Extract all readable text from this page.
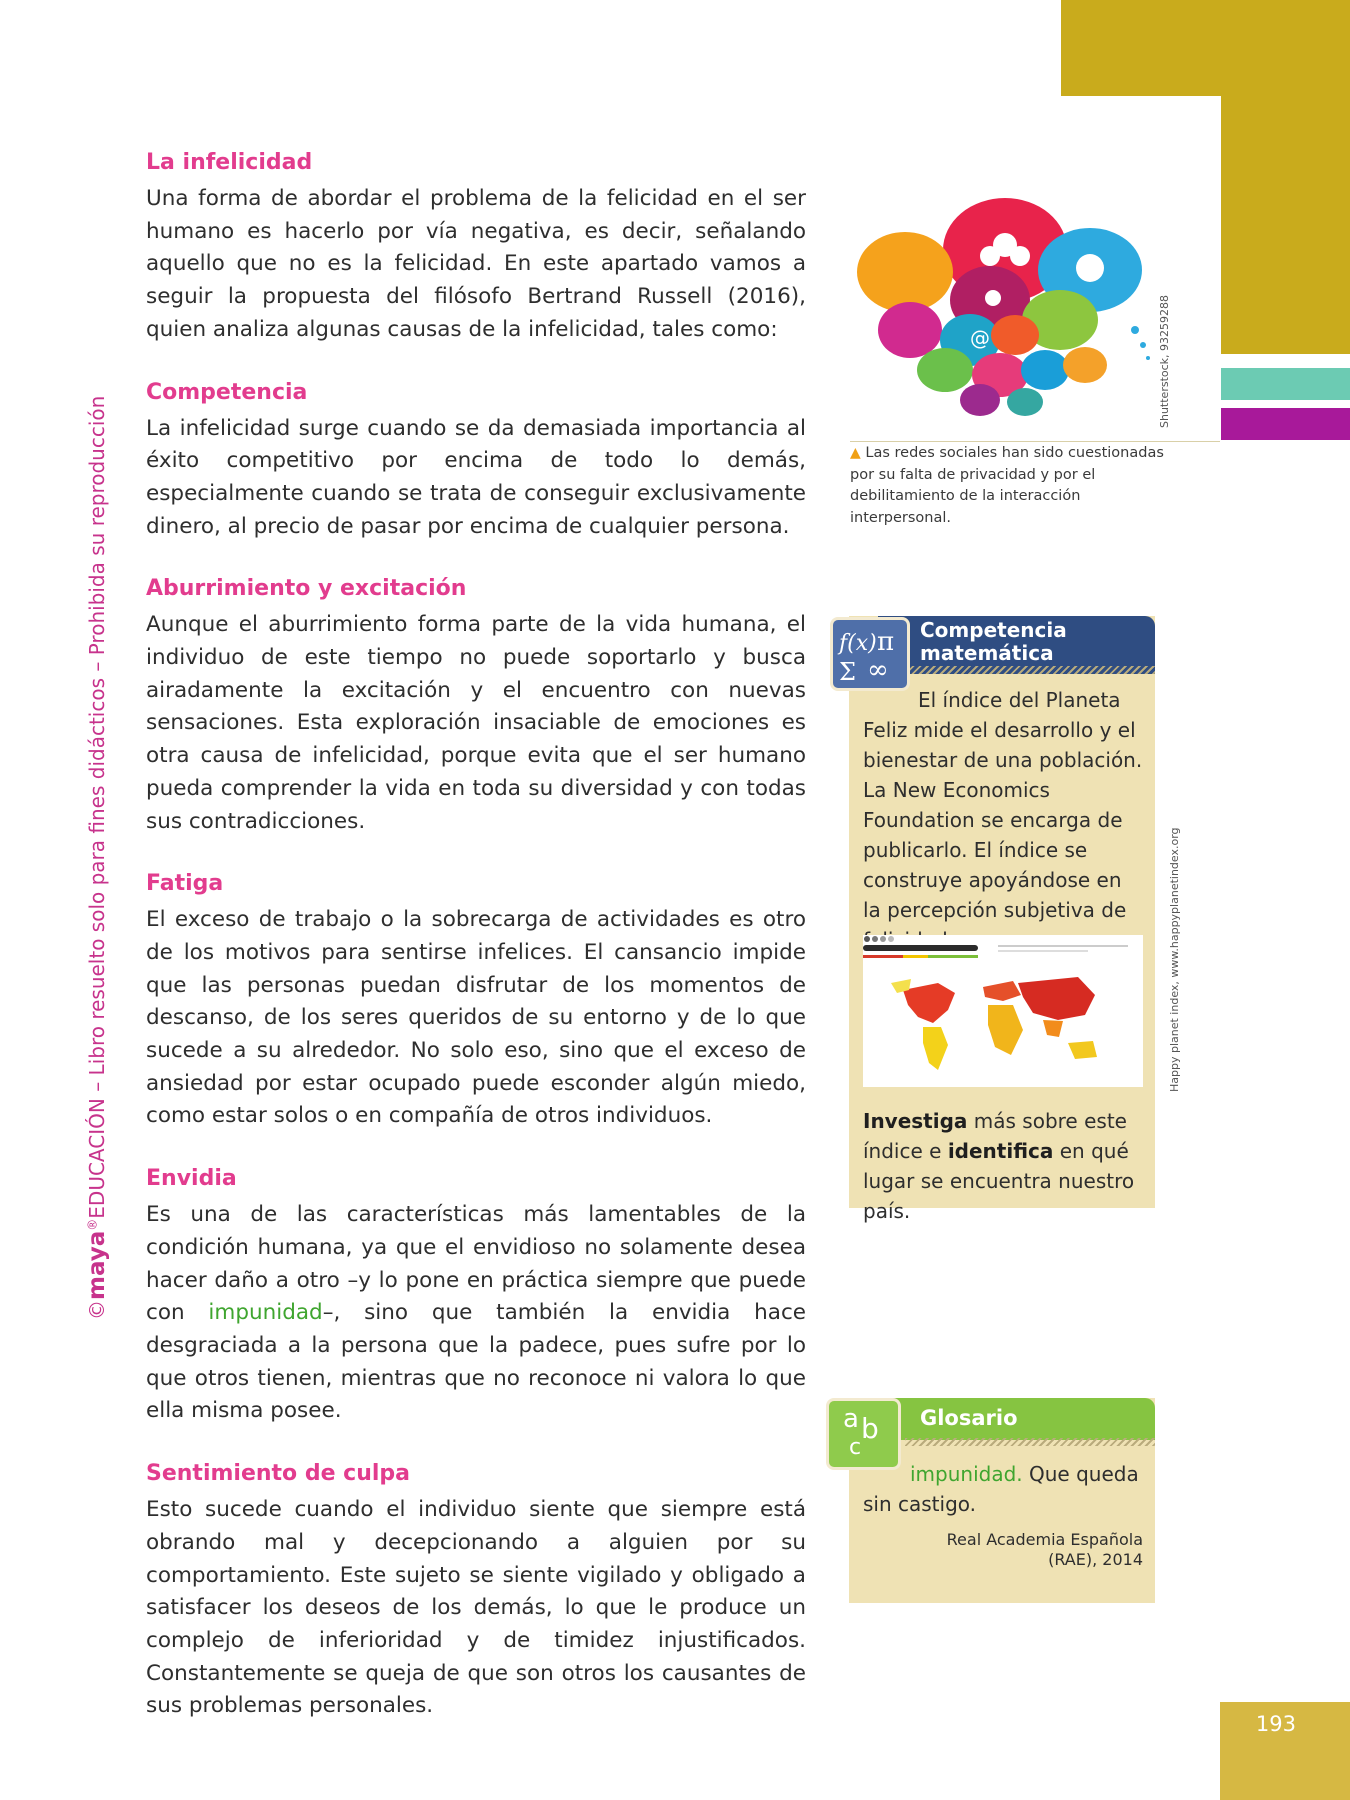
193
©maya®EDUCACIÓN – Libro resuelto solo para fines didácticos – Prohibida su reproducción
La infelicidad

Una forma de abordar el problema de la felicidad en el ser humano es hacerlo por vía negativa, es decir, señalando aquello que no es la felicidad. En este apartado vamos a seguir la propuesta del filósofo Bertrand Russell (2016), quien analiza algunas causas de la infelicidad, tales como:

Competencia

La infelicidad surge cuando se da demasiada importancia al éxito competitivo por encima de todo lo demás, especialmente cuando se trata de conseguir exclusivamente dinero, al precio de pasar por encima de cualquier persona.

Aburrimiento y excitación

Aunque el aburrimiento forma parte de la vida humana, el individuo de este tiempo no puede soportarlo y busca airadamente la excitación y el encuentro con nuevas sensaciones. Esta exploración insaciable de emociones es otra causa de infelicidad, porque evita que el ser humano pueda comprender la vida en toda su diversidad y con todas sus contradicciones.

Fatiga

El exceso de trabajo o la sobrecarga de actividades es otro de los motivos para sentirse infelices. El cansancio impide que las personas puedan disfrutar de los momentos de descanso, de los seres queridos de su entorno y de lo que sucede a su alrededor. No solo eso, sino que el exceso de ansiedad por estar ocupado puede esconder algún miedo, como estar solos o en compañía de otros individuos.

Envidia

Es una de las características más lamentables de la condición humana, ya que el envidioso no solamente desea hacer daño a otro –y lo pone en práctica siempre que puede con impunidad–, sino que también la envidia hace desgraciada a la persona que la padece, pues sufre por lo que otros tienen, mientras que no reconoce ni valora lo que ella misma posee.

Sentimiento de culpa

Esto sucede cuando el individuo siente que siempre está obrando mal y decepcionando a alguien por su comportamiento. Este sujeto se siente vigilado y obligado a satisfacer los deseos de los demás, lo que le produce un complejo de inferioridad y de timidez injustificados. Constantemente se queja de que son otros los causantes de sus problemas personales.

@	Shutterstock, 93259288
▲ Las redes sociales han sido cuestionadas por su falta de privacidad y por el debilitamiento de la interacción interpersonal.
f(x) π
Σ ∞
Competencia matemática

El índice del Planeta Feliz mide el desarrollo y el bienestar de una población. La New Economics Foundation se encarga de publicarlo. El índice se construye apoyándose en la percepción subjetiva de	Happy planet index, www.happyplanetindex.org

Investiga más sobre este índice e identifica en qué lugar se encuentra nuestro país.

a b
c
Glosario

impunidad. Que queda sin castigo.

Real Academia Española (RAE), 2014
